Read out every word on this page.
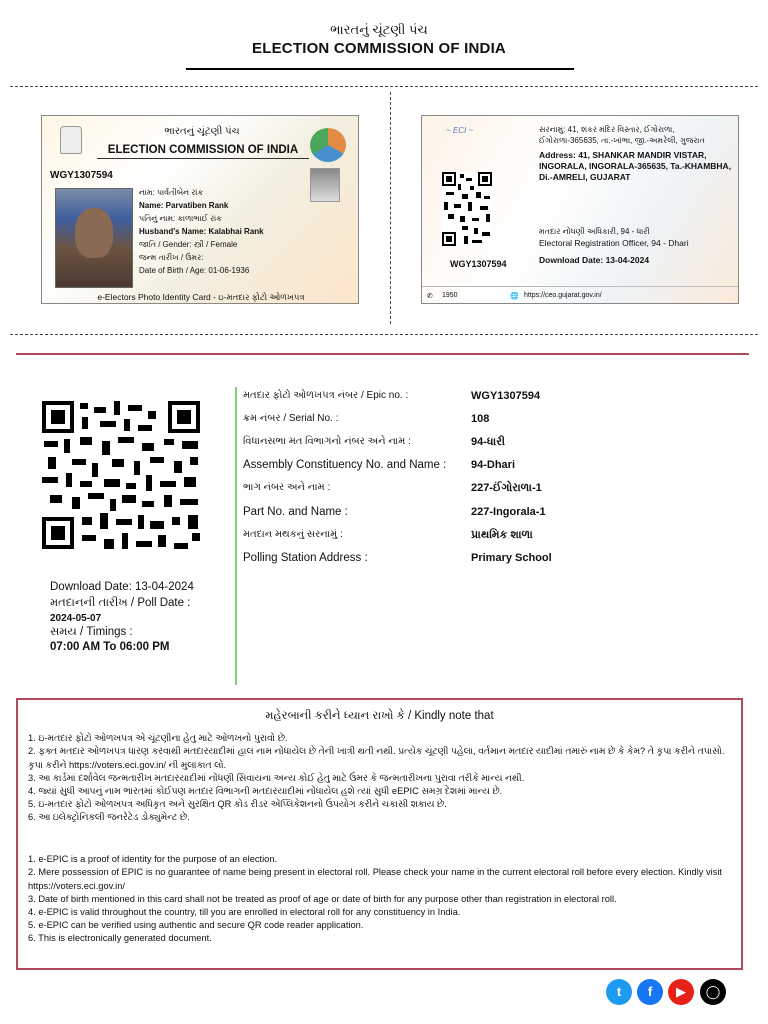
ભારતનું ચૂંટણી પંચ
ELECTION COMMISSION OF INDIA
ભારતનું ચૂંટણી પંચ
ELECTION COMMISSION OF INDIA
WGY1307594
નામ: પાર્વતીબેન રાંક
Name: Parvatiben Rank
પતિનું નામ: કાળાભાઈ રાંક
Husband's Name: Kalabhai Rank
જાતિ / Gender: સ્ત્રી / Female
જન્મ તારીખ / ઉંમર:
Date of Birth / Age: 01-06-1936
e-Electors Photo Identity Card - ઇ-મતદાર ફોટો ઓળખપત્ર
~ ECI ~	સરનામું: 41, શંકર મંદિર વિસ્તાર, ઈંગોરાળા, ઈંગોરાળા-365635, તા.-ખાંભા, જી.-અમરેલી, ગુજરાત
Address: 41, SHANKAR MANDIR VISTAR, INGORALA, INGORALA-365635, Ta.-KHAMBHA, Di.-AMRELI, GUJARAT
મતદાર નોંધણી અધિકારી, 94 - ધારી
Electoral Registration Officer, 94 - Dhari
Download Date: 13-04-2024
WGY1307594
✆ 1950	🌐 https://ceo.gujarat.gov.in/
Download Date: 13-04-2024
મતદાનની તારીખ / Poll Date :
2024-05-07
સમય / Timings :
07:00 AM To 06:00 PM
મતદાર ફોટો ઓળખપત્ર નંબર / Epic no. :	WGY1307594
ક્રમ નંબર / Serial No. :	108
વિધાનસભા મત વિભાગનો નંબર અને નામ :	94-ધારી
Assembly Constituency No. and Name : 94-Dhari
ભાગ નંબર અને નામ :	227-ઈંગોરાળા-1
Part No. and Name :	227-Ingorala-1
મતદાન મથકનું સરનામું :	પ્રાથમિક શાળા
Polling Station Address :	Primary School
મહેરબાની કરીને ધ્યાન રાખો કે / Kindly note that
1. ઇ-મતદાર ફોટો ઓળખપત્ર એ ચૂંટણીના હેતુ માટે ઓળખનો પુરાવો છે.
2. ફક્ત મતદાર ઓળખપત્ર ધારણ કરવાથી મતદારયાદીમાં હાલ નામ નોંધાયેલ છે તેની ખાત્રી થતી નથી. પ્રત્યેક ચૂંટણી પહેલા, વર્તમાન મતદાર યાદીમાં તમારું નામ છે કે કેમ? તે કૃપા કરીને તપાસો. કૃપા કરીને https://voters.eci.gov.in/ ની મુલાકાત લો.
3. આ કાર્ડમાં દર્શાવેલ જન્મતારીખ મતદારયાદીમાં નોંધણી સિવાયના અન્ય કોઈ હેતુ માટે ઉંમર કે જન્મતારીખના પુરાવા તરીકે માન્ય નથી.
4. જ્યાં સુધી આપનું નામ ભારતમાં કોઈપણ મતદાર વિભાગની મતદારયાદીમાં નોંધાયેલ હશે ત્યાં સુધી eEPIC સમગ્ર દેશમાં માન્ય છે.
5. ઇ-મતદાર ફોટો ઓળખપત્ર અધિકૃત અને સુરક્ષિત QR કોડ રીડર એપ્લિકેશનનો ઉપયોગ કરીને ચકાસી શકાય છે.
6. આ ઇલેક્ટ્રોનિકલી જનરેટેડ ડોક્યુમેન્ટ છે.
1. e-EPIC is a proof of identity for the purpose of an election.
2. Mere possession of EPIC is no guarantee of name being present in electoral roll. Please check your name in the current electoral roll before every election. Kindly visit https://voters.eci.gov.in/
3. Date of birth mentioned in this card shall not be treated as proof of age or date of birth for any purpose other than registration in electoral roll.
4. e-EPIC is valid throughout the country, till you are enrolled in electoral roll for any constituency in India.
5. e-EPIC can be verified using authentic and secure QR code reader application.
6. This is electronically generated document.
t	f	▶	◯
